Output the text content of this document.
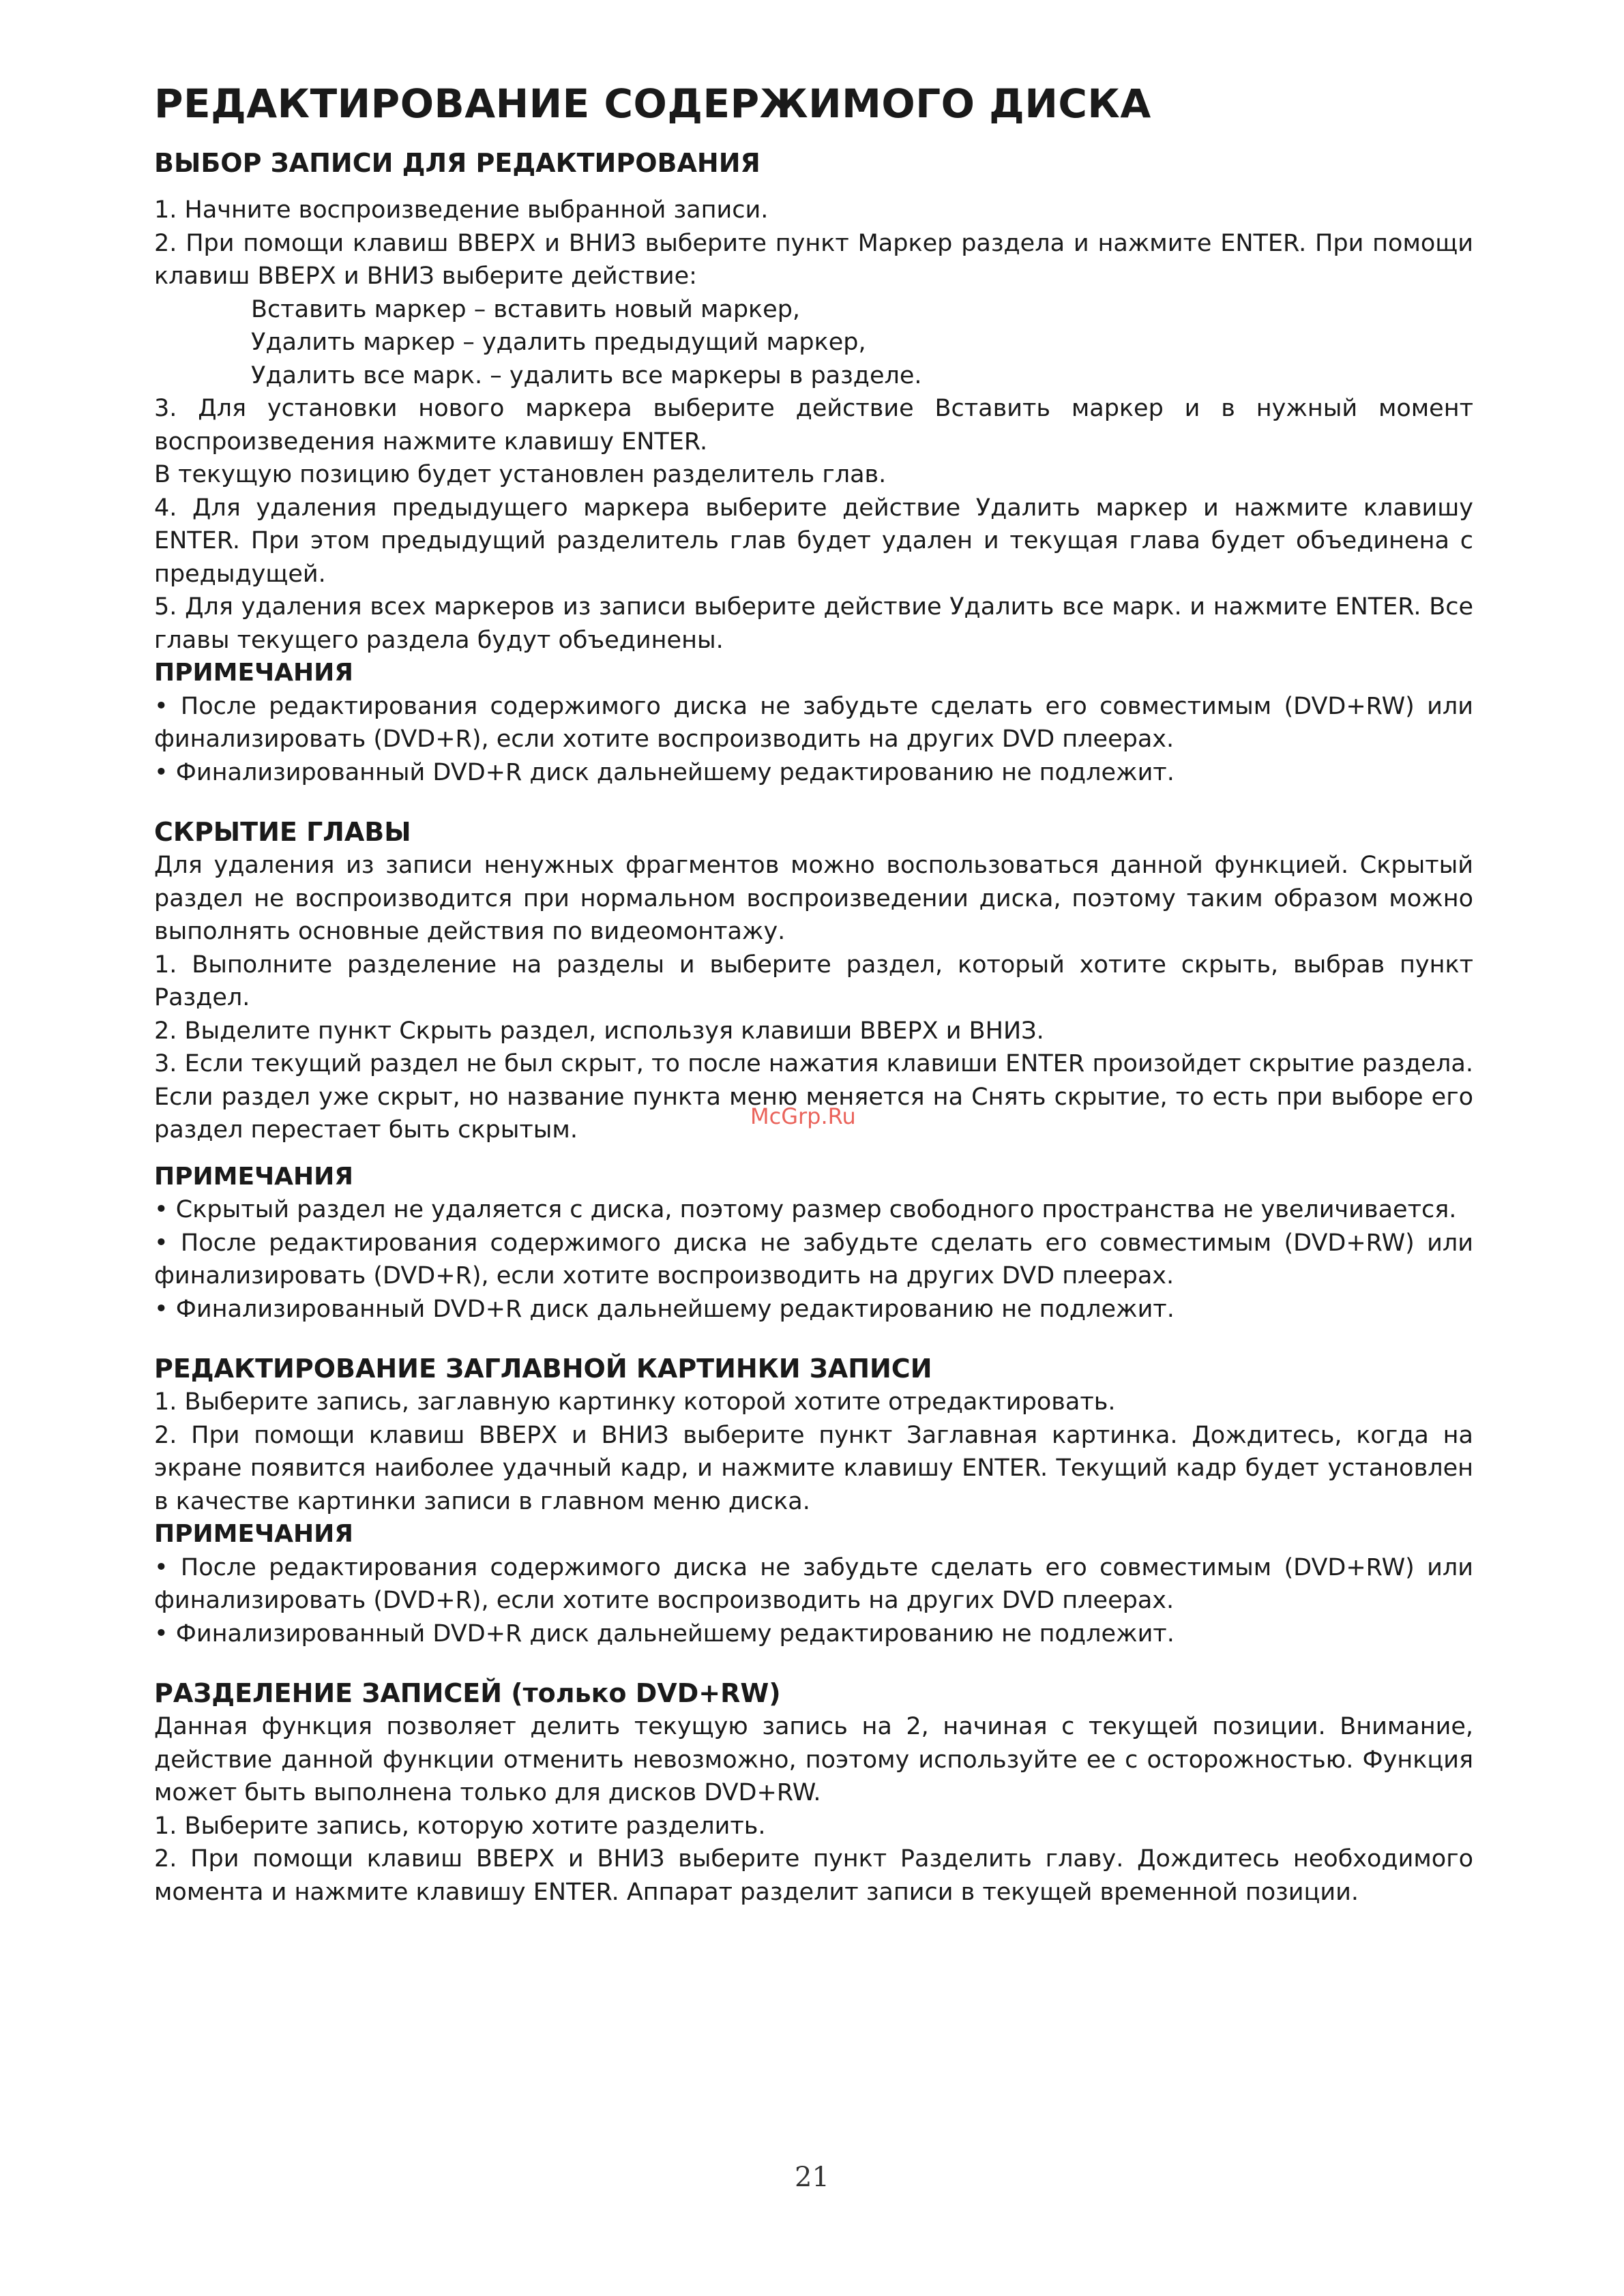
РЕДАКТИРОВАНИЕ СОДЕРЖИМОГО ДИСКА
ВЫБОР ЗАПИСИ ДЛЯ РЕДАКТИРОВАНИЯ

1. Начните воспроизведение выбранной записи.

2. При помощи клавиш ВВЕРХ и ВНИЗ выберите пункт Маркер раздела и нажмите ENTER. При помощи клавиш ВВЕРХ и ВНИЗ выберите действие:

Вставить маркер – вставить новый маркер,

Удалить маркер – удалить предыдущий маркер,

Удалить все марк. – удалить все маркеры в разделе.

3. Для установки нового маркера выберите действие Вставить маркер и в нужный момент воспроизведения нажмите клавишу ENTER.

В текущую позицию будет установлен разделитель глав.

4. Для удаления предыдущего маркера выберите действие Удалить маркер и нажмите клавишу ENTER. При этом предыдущий разделитель глав будет удален и текущая глава будет объединена с предыдущей.

5. Для удаления всех маркеров из записи выберите действие Удалить все марк. и нажмите ENTER. Все главы текущего раздела будут объединены.

ПРИМЕЧАНИЯ

• После редактирования содержимого диска не забудьте сделать его совместимым (DVD+RW) или финализировать (DVD+R), если хотите воспроизводить на других DVD плеерах.

• Финализированный DVD+R диск дальнейшему редактированию не подлежит.

СКРЫТИЕ ГЛАВЫ

Для удаления из записи ненужных фрагментов можно воспользоваться данной функцией. Скрытый раздел не воспроизводится при нормальном воспроизведении диска, поэтому таким образом можно выполнять основные действия по видеомонтажу.

1. Выполните разделение на разделы и выберите раздел, который хотите скрыть, выбрав пункт Раздел.

2. Выделите пункт Скрыть раздел, используя клавиши ВВЕРХ и ВНИЗ.

3. Если текущий раздел не был скрыт, то после нажатия клавиши ENTER произойдет скрытие раздела. Если раздел уже скрыт, но название пункта меню меняется на Снять скрытие, то есть при выборе его раздел перестает быть скрытым.

ПРИМЕЧАНИЯ

• Скрытый раздел не удаляется с диска, поэтому размер свободного пространства не увеличивается.

• После редактирования содержимого диска не забудьте сделать его совместимым (DVD+RW) или финализировать (DVD+R), если хотите воспроизводить на других DVD плеерах.

• Финализированный DVD+R диск дальнейшему редактированию не подлежит.

РЕДАКТИРОВАНИЕ ЗАГЛАВНОЙ КАРТИНКИ ЗАПИСИ

1. Выберите запись, заглавную картинку которой хотите отредактировать.

2. При помощи клавиш ВВЕРХ и ВНИЗ выберите пункт Заглавная картинка. Дождитесь, когда на экране появится наиболее удачный кадр, и нажмите клавишу ENTER. Текущий кадр будет установлен в качестве картинки записи в главном меню диска.

ПРИМЕЧАНИЯ

• После редактирования содержимого диска не забудьте сделать его совместимым (DVD+RW) или финализировать (DVD+R), если хотите воспроизводить на других DVD плеерах.

• Финализированный DVD+R диск дальнейшему редактированию не подлежит.

РАЗДЕЛЕНИЕ ЗАПИСЕЙ (только DVD+RW)

Данная функция позволяет делить текущую запись на 2, начиная с текущей позиции. Внимание, действие данной функции отменить невозможно, поэтому используйте ее с осторожностью. Функция может быть выполнена только для дисков DVD+RW.

1. Выберите запись, которую хотите разделить.

2. При помощи клавиш ВВЕРХ и ВНИЗ выберите пункт Разделить главу. Дождитесь необходимого момента и нажмите клавишу ENTER. Аппарат разделит записи в текущей временной позиции.

McGrp.Ru
21
